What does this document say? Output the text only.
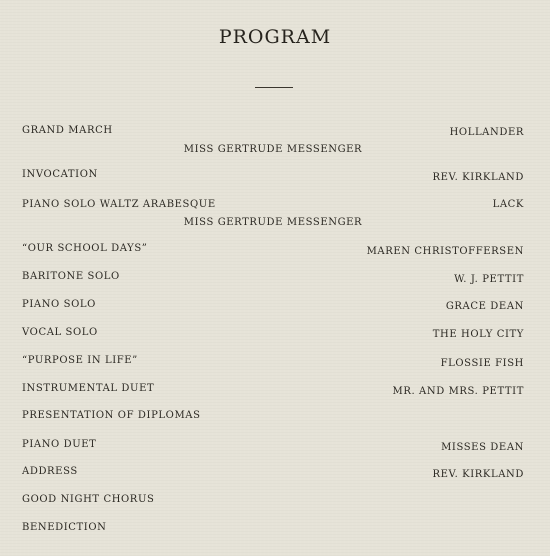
PROGRAM
GRAND MARCH	HOLLANDER
MISS GERTRUDE MESSENGER
INVOCATION	REV. KIRKLAND
PIANO SOLO WALTZ ARABESQUE	LACK
MISS GERTRUDE MESSENGER
“OUR SCHOOL DAYS”	MAREN CHRISTOFFERSEN
BARITONE SOLO	W. J. PETTIT
PIANO SOLO	GRACE DEAN
VOCAL SOLO	THE HOLY CITY
“PURPOSE IN LIFE”	FLOSSIE FISH
INSTRUMENTAL DUET	MR. AND MRS. PETTIT
PRESENTATION OF DIPLOMAS
PIANO DUET	MISSES DEAN
ADDRESS	REV. KIRKLAND
GOOD NIGHT CHORUS
BENEDICTION
